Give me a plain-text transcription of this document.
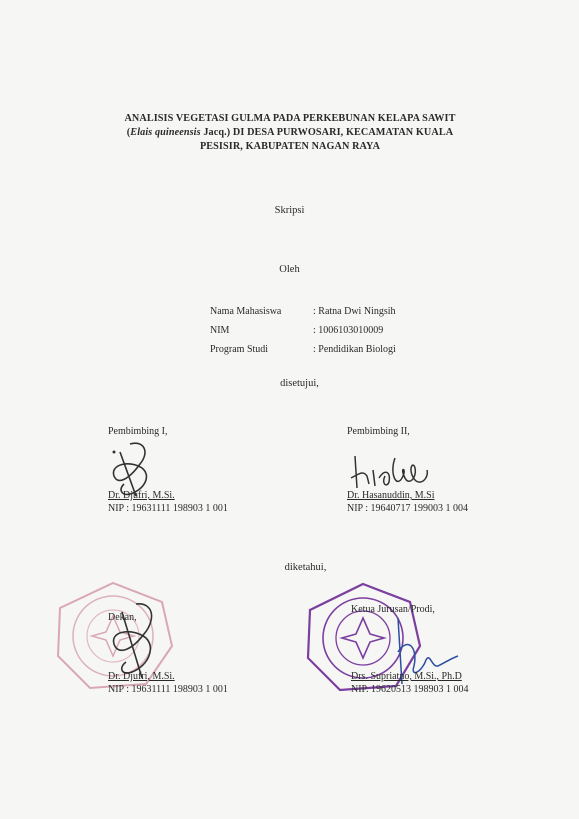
ANALISIS VEGETASI GULMA PADA PERKEBUNAN KELAPA SAWIT
(Elais quineensis Jacq.) DI DESA PURWOSARI, KECAMATAN KUALA
PESISIR, KABUPATEN NAGAN RAYA
Skripsi
Oleh
Nama Mahasiswa	: Ratna Dwi Ningsih
NIM	: 1006103010009
Program Studi	: Pendidikan Biologi
disetujui,
Pembimbing I,
Dr. Djufri, M.Si.
NIP : 19631111 198903 1 001
Pembimbing II,
Dr. Hasanuddin, M.Si
NIP : 19640717 199003 1 004
diketahui,
Dekan,
Dr. Djufri, M.Si.
NIP : 19631111 198903 1 001
Ketua Jurusan/Prodi,
Drs. Supriatno, M.Si., Ph.D
NIP. 19620513 198903 1 004
